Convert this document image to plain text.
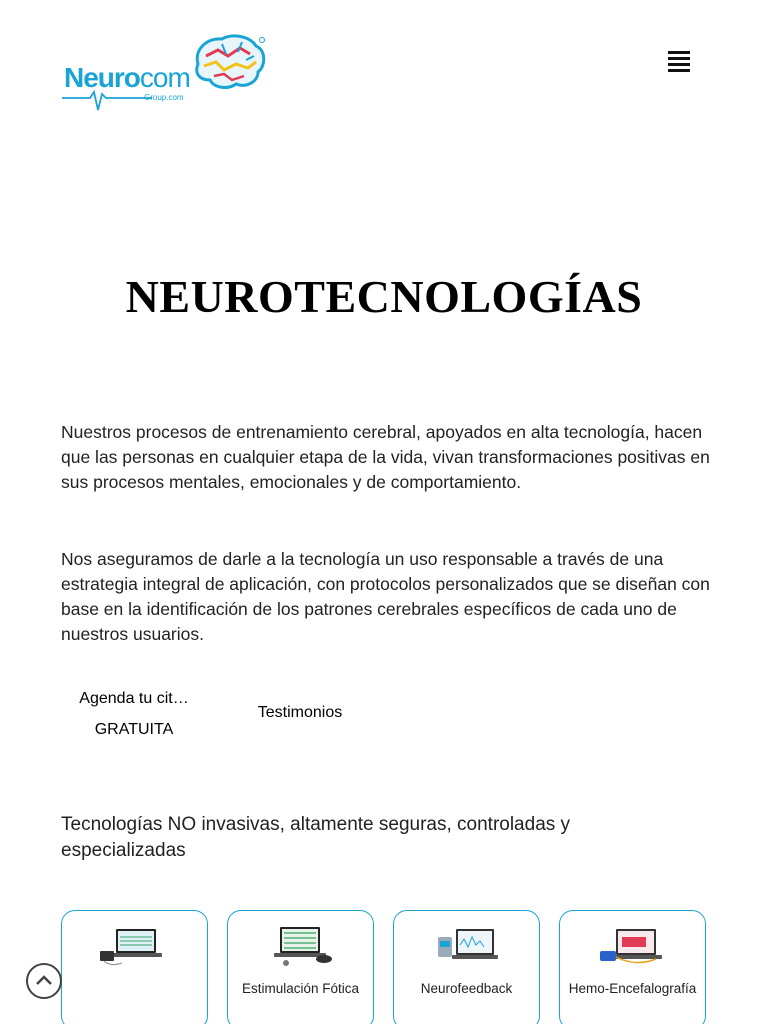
Neurocom
Group.com
NEUROTECNOLOGÍAS

Nuestros procesos de entrenamiento cerebral, apoyados en alta tecnología, hacen que las personas en cualquier etapa de la vida, vivan transformaciones positivas en sus procesos mentales, emocionales y de comportamiento.

Nos aseguramos de darle a la tecnología un uso responsable a través de una estrategia integral de aplicación, con protocolos personalizados que se diseñan con base en la identificación de los patrones cerebrales específicos de cada uno de nuestros usuarios.

Agenda tu cit…
GRATUITA
Testimonios

Tecnologías NO invasivas, altamente seguras, controladas y especializadas

Estimulación Fótica	Neurofeedback	Hemo-Encefalografía
